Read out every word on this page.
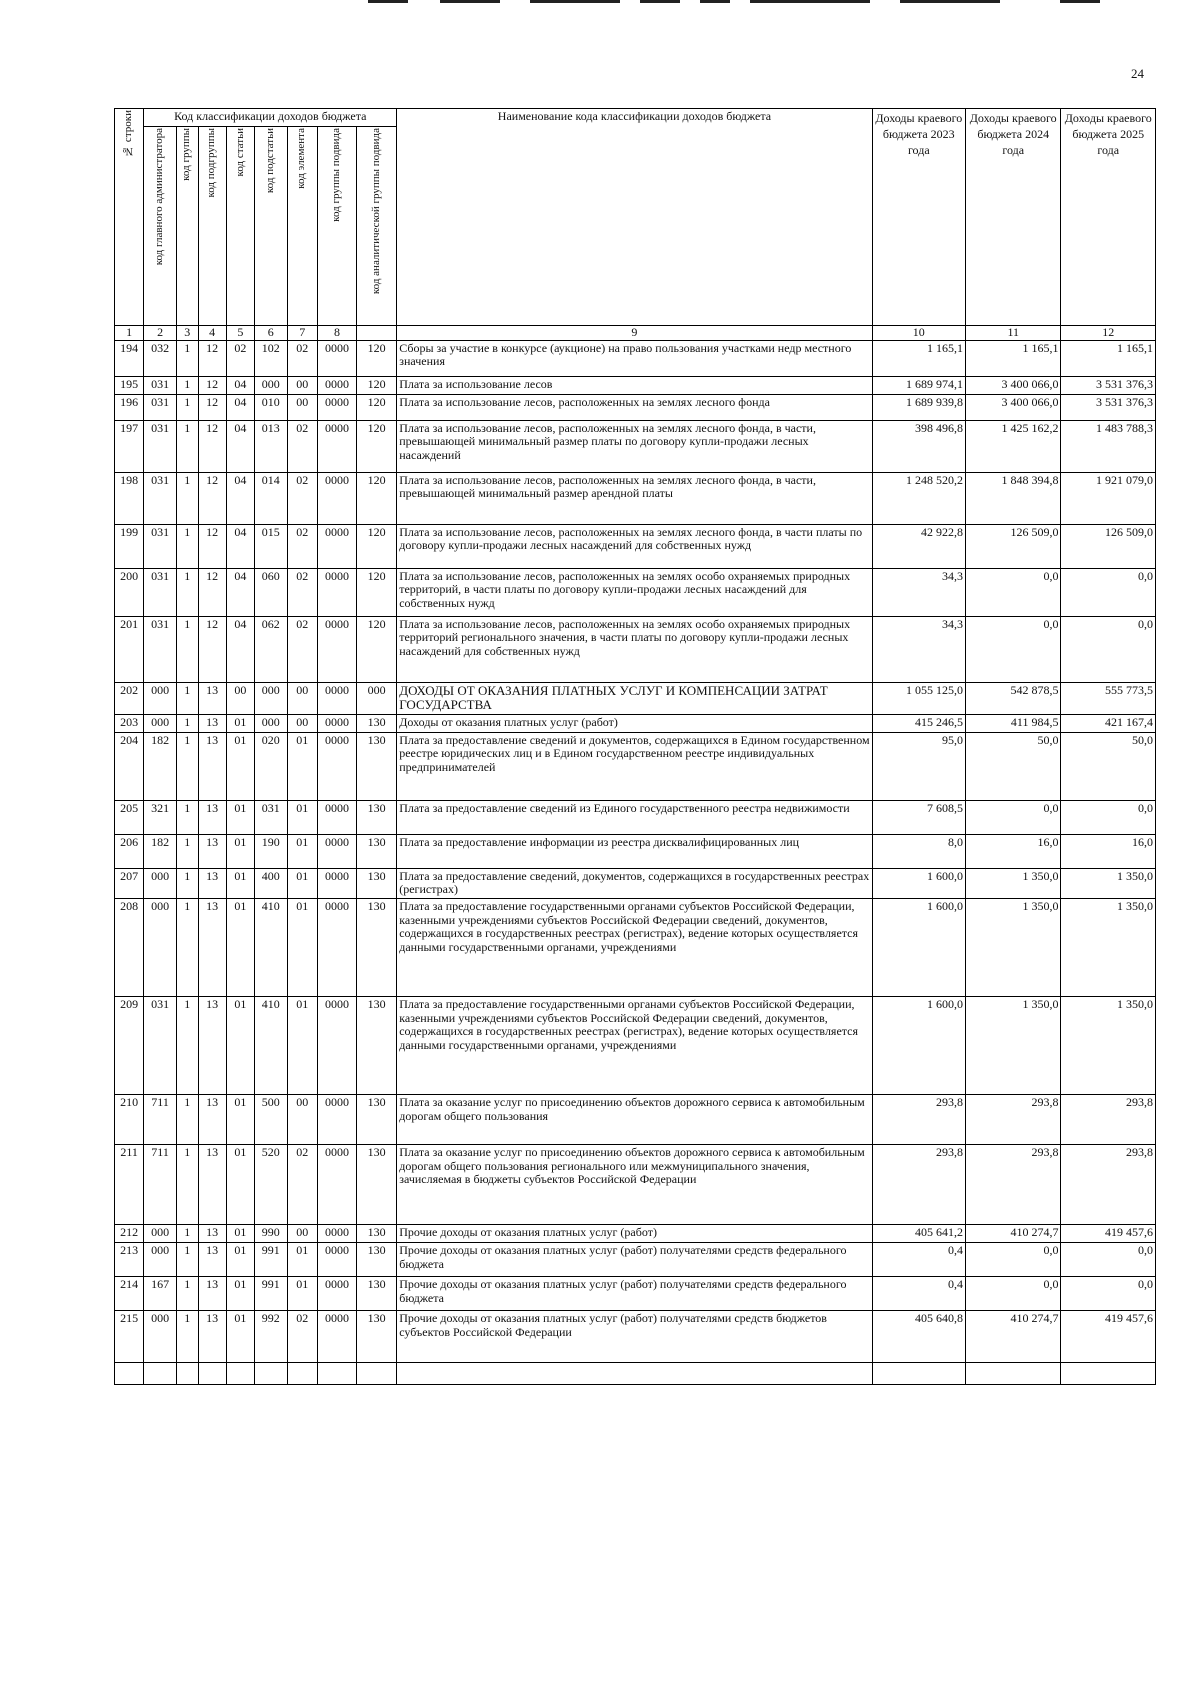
24
№ строки	Код классификации доходов бюджета								Наименование кода классификации доходов бюджета	Доходы краевого бюджета 2023 года	Доходы краевого бюджета 2024 года	Доходы краевого бюджета 2025 года

	код главного администратора	код группы	код подгруппы	код статьи	код подстатьи	код элемента	код группы подвида	код аналитической группы подвида				

1	2	3	4	5	6	7	8		9	10	11	12
194	032	1	12	02	102	02	0000	120	Сборы за участие в конкурсе (аукционе) на право пользования участками недр местного значения	1 165,1	1 165,1	1 165,1
195	031	1	12	04	000	00	0000	120	Плата за использование лесов	1 689 974,1	3 400 066,0	3 531 376,3
196	031	1	12	04	010	00	0000	120	Плата за использование лесов, расположенных на землях лесного фонда	1 689 939,8	3 400 066,0	3 531 376,3
197	031	1	12	04	013	02	0000	120	Плата за использование лесов, расположенных на землях лесного фонда, в части, превышающей минимальный размер платы по договору купли-продажи лесных насаждений	398 496,8	1 425 162,2	1 483 788,3
198	031	1	12	04	014	02	0000	120	Плата за использование лесов, расположенных на землях лесного фонда, в части, превышающей минимальный размер арендной платы	1 248 520,2	1 848 394,8	1 921 079,0
199	031	1	12	04	015	02	0000	120	Плата за использование лесов, расположенных на землях лесного фонда, в части платы по договору купли-продажи лесных насаждений для собственных нужд	42 922,8	126 509,0	126 509,0
200	031	1	12	04	060	02	0000	120	Плата за использование лесов, расположенных на землях особо охраняемых природных территорий, в части платы по договору купли-продажи лесных насаждений для собственных нужд	34,3	0,0	0,0
201	031	1	12	04	062	02	0000	120	Плата за использование лесов, расположенных на землях особо охраняемых природных территорий регионального значения, в части платы по договору купли-продажи лесных насаждений для собственных нужд	34,3	0,0	0,0
202	000	1	13	00	000	00	0000	000	ДОХОДЫ ОТ ОКАЗАНИЯ ПЛАТНЫХ УСЛУГ И КОМПЕНСАЦИИ ЗАТРАТ ГОСУДАРСТВА	1 055 125,0	542 878,5	555 773,5
203	000	1	13	01	000	00	0000	130	Доходы от оказания платных услуг (работ)	415 246,5	411 984,5	421 167,4
204	182	1	13	01	020	01	0000	130	Плата за предоставление сведений и документов, содержащихся в Едином государственном реестре юридических лиц и в Едином государственном реестре индивидуальных предпринимателей	95,0	50,0	50,0
205	321	1	13	01	031	01	0000	130	Плата за предоставление сведений из Единого государственного реестра недвижимости	7 608,5	0,0	0,0
206	182	1	13	01	190	01	0000	130	Плата за предоставление информации из реестра дисквалифицированных лиц	8,0	16,0	16,0
207	000	1	13	01	400	01	0000	130	Плата за предоставление сведений, документов, содержащихся в государственных реестрах (регистрах)	1 600,0	1 350,0	1 350,0
208	000	1	13	01	410	01	0000	130	Плата за предоставление государственными органами субъектов Российской Федерации, казенными учреждениями субъектов Российской Федерации сведений, документов, содержащихся в государственных реестрах (регистрах), ведение которых осуществляется данными государственными органами, учреждениями	1 600,0	1 350,0	1 350,0
209	031	1	13	01	410	01	0000	130	Плата за предоставление государственными органами субъектов Российской Федерации, казенными учреждениями субъектов Российской Федерации сведений, документов, содержащихся в государственных реестрах (регистрах), ведение которых осуществляется данными государственными органами, учреждениями	1 600,0	1 350,0	1 350,0
210	711	1	13	01	500	00	0000	130	Плата за оказание услуг по присоединению объектов дорожного сервиса к автомобильным дорогам общего пользования	293,8	293,8	293,8
211	711	1	13	01	520	02	0000	130	Плата за оказание услуг по присоединению объектов дорожного сервиса к автомобильным дорогам общего пользования регионального или межмуниципального значения, зачисляемая в бюджеты субъектов Российской Федерации	293,8	293,8	293,8
212	000	1	13	01	990	00	0000	130	Прочие доходы от оказания платных услуг (работ)	405 641,2	410 274,7	419 457,6
213	000	1	13	01	991	01	0000	130	Прочие доходы от оказания платных услуг (работ) получателями средств федерального бюджета	0,4	0,0	0,0
214	167	1	13	01	991	01	0000	130	Прочие доходы от оказания платных услуг (работ) получателями средств федерального бюджета	0,4	0,0	0,0
215	000	1	13	01	992	02	0000	130	Прочие доходы от оказания платных услуг (работ) получателями средств бюджетов субъектов Российской Федерации	405 640,8	410 274,7	419 457,6
